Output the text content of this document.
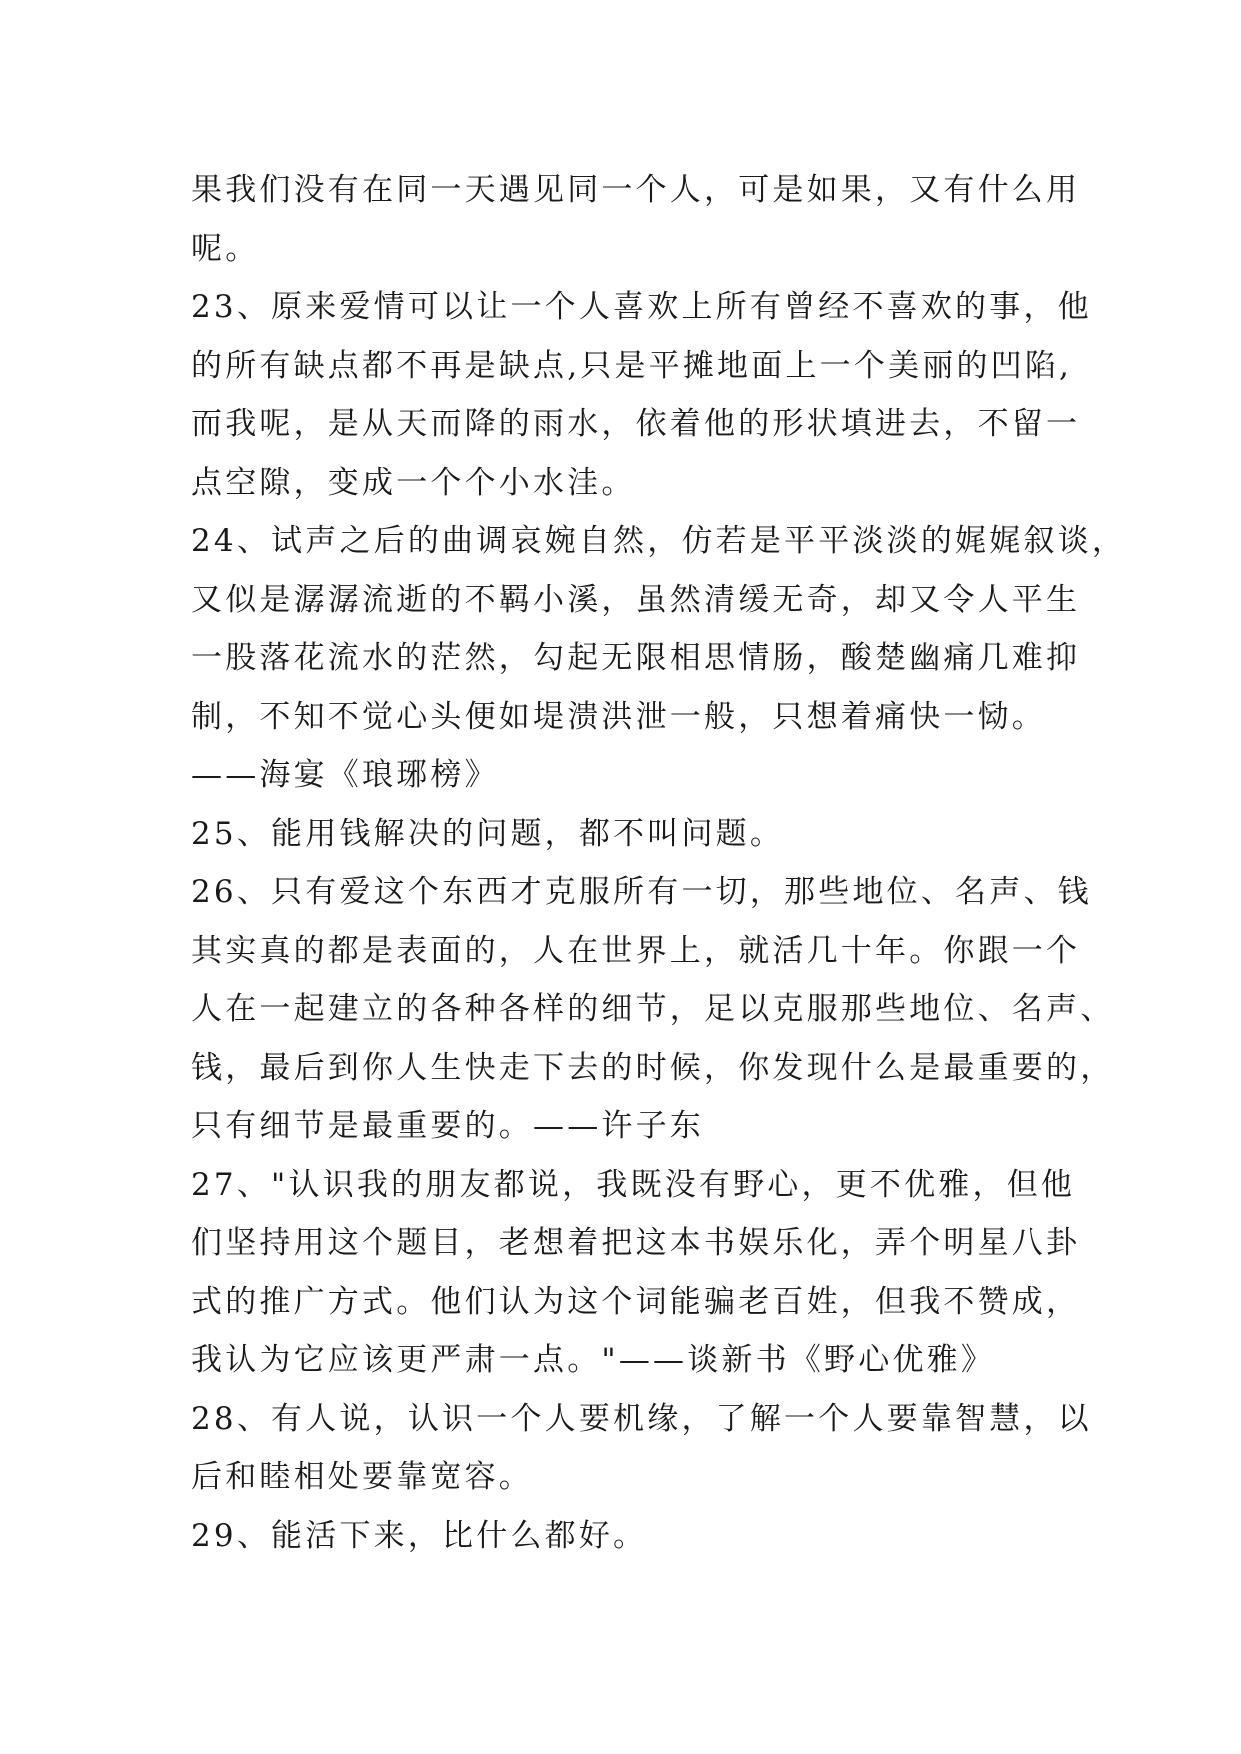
果我们没有在同一天遇见同一个人，可是如果，又有什么用
呢。

23、原来爱情可以让一个人喜欢上所有曾经不喜欢的事，他
的所有缺点都不再是缺点,只是平摊地面上一个美丽的凹陷,
而我呢，是从天而降的雨水，依着他的形状填进去，不留一
点空隙，变成一个个小水洼。

24、试声之后的曲调哀婉自然，仿若是平平淡淡的娓娓叙谈，
又似是潺潺流逝的不羁小溪，虽然清缓无奇，却又令人平生
一股落花流水的茫然，勾起无限相思情肠，酸楚幽痛几难抑
制，不知不觉心头便如堤溃洪泄一般，只想着痛快一恸。
——海宴《琅琊榜》

25、能用钱解决的问题，都不叫问题。

26、只有爱这个东西才克服所有一切，那些地位、名声、钱
其实真的都是表面的，人在世界上，就活几十年。你跟一个
人在一起建立的各种各样的细节，足以克服那些地位、名声、
钱，最后到你人生快走下去的时候，你发现什么是最重要的，
只有细节是最重要的。——许子东

27、"认识我的朋友都说，我既没有野心，更不优雅，但他
们坚持用这个题目，老想着把这本书娱乐化，弄个明星八卦
式的推广方式。他们认为这个词能骗老百姓，但我不赞成，
我认为它应该更严肃一点。"——谈新书《野心优雅》

28、有人说，认识一个人要机缘，了解一个人要靠智慧，以
后和睦相处要靠宽容。

29、能活下来，比什么都好。
